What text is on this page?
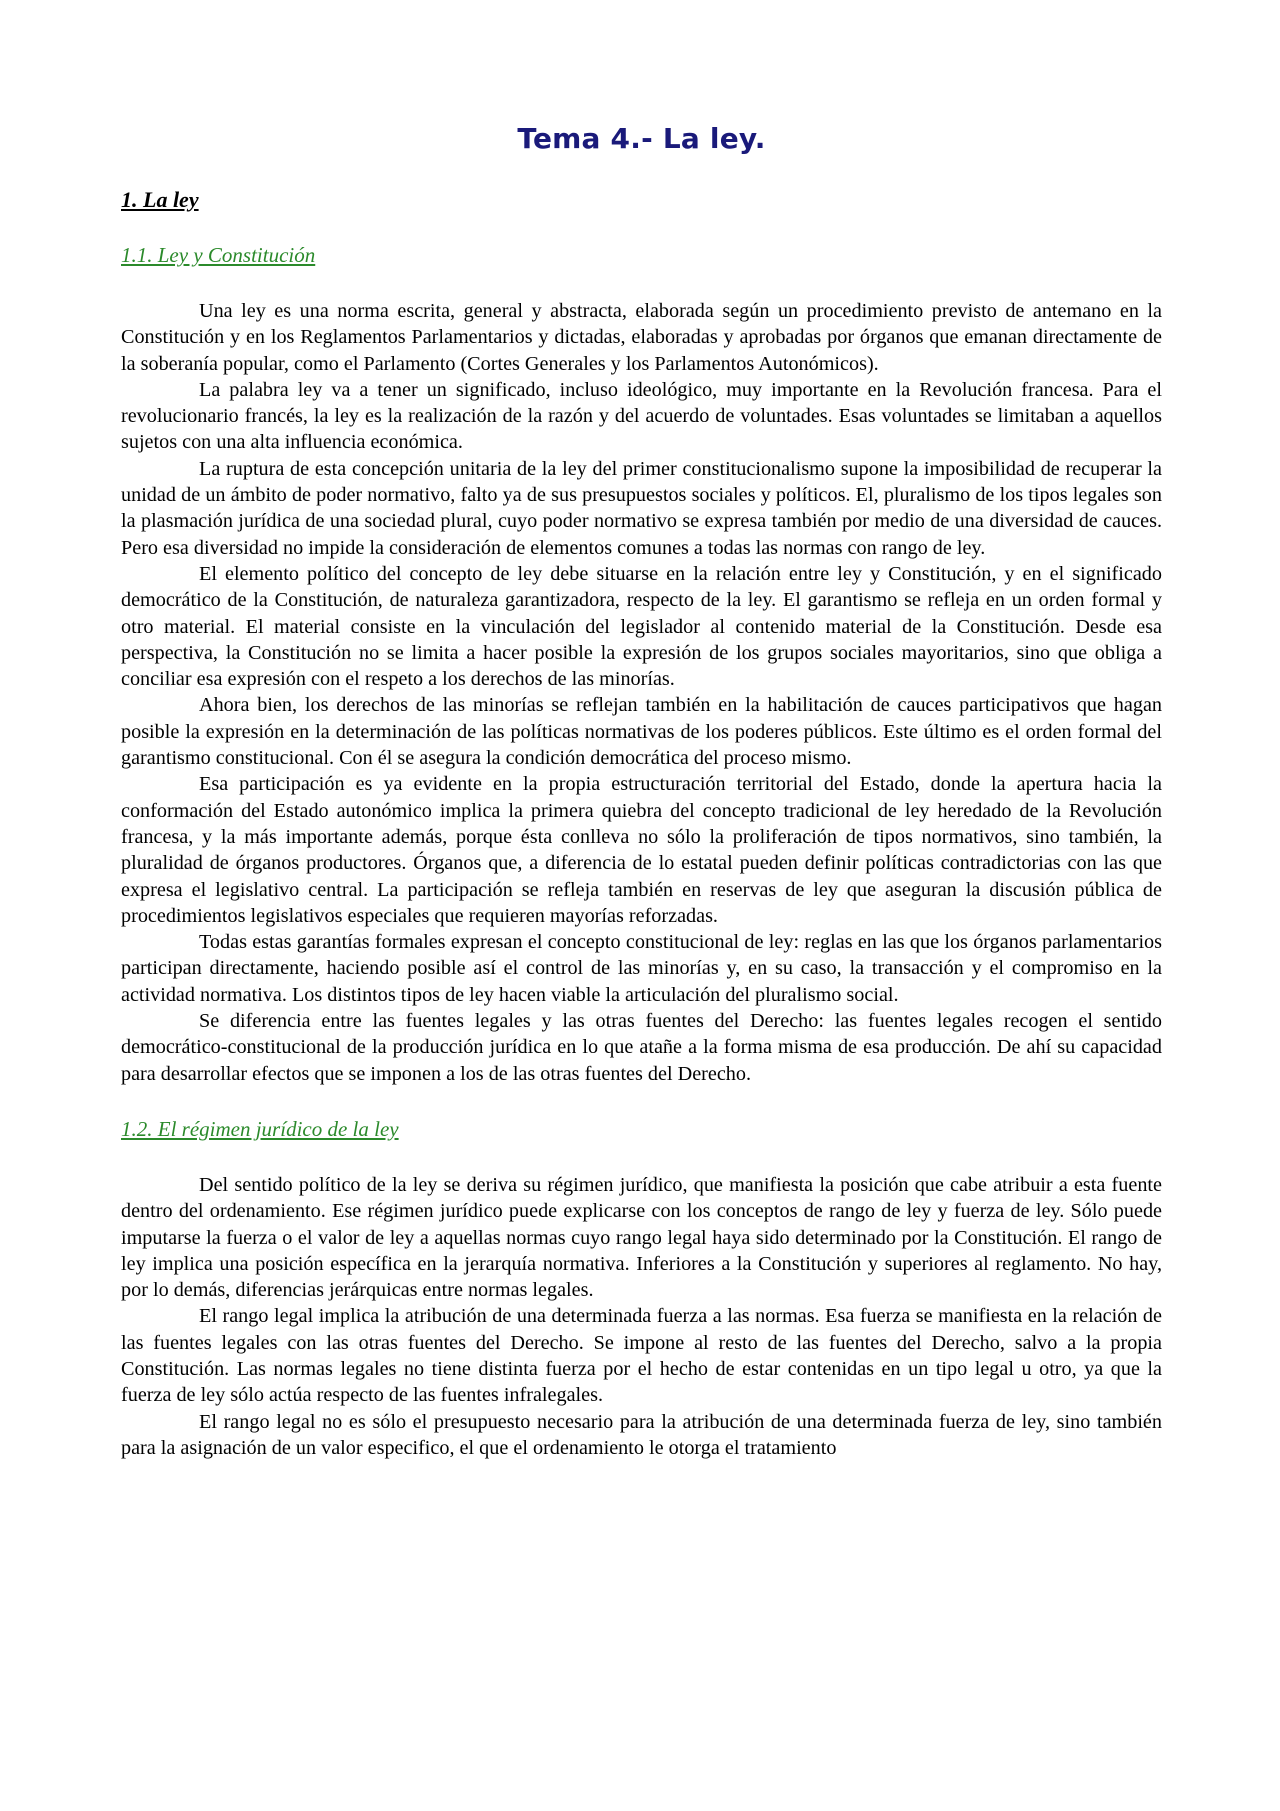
Tema 4.- La ley.
1. La ley
1.1. Ley y Constitución

Una ley es una norma escrita, general y abstracta, elaborada según un procedimiento previsto de antemano en la Constitución y en los Reglamentos Parlamentarios y dictadas, elaboradas y aprobadas por órganos que emanan directamente de la soberanía popular, como el Parlamento (Cortes Generales y los Parlamentos Autonómicos).

La palabra ley va a tener un significado, incluso ideológico, muy importante en la Revolución francesa. Para el revolucionario francés, la ley es la realización de la razón y del acuerdo de voluntades. Esas voluntades se limitaban a aquellos sujetos con una alta influencia económica.

La ruptura de esta concepción unitaria de la ley del primer constitucionalismo supone la imposibilidad de recuperar la unidad de un ámbito de poder normativo, falto ya de sus presupuestos sociales y políticos. El, pluralismo de los tipos legales son la plasmación jurídica de una sociedad plural, cuyo poder normativo se expresa también por medio de una diversidad de cauces. Pero esa diversidad no impide la consideración de elementos comunes a todas las normas con rango de ley.

El elemento político del concepto de ley debe situarse en la relación entre ley y Constitución, y en el significado democrático de la Constitución, de naturaleza garantizadora, respecto de la ley. El garantismo se refleja en un orden formal y otro material. El material consiste en la vinculación del legislador al contenido material de la Constitución. Desde esa perspectiva, la Constitución no se limita a hacer posible la expresión de los grupos sociales mayoritarios, sino que obliga a conciliar esa expresión con el respeto a los derechos de las minorías.

Ahora bien, los derechos de las minorías se reflejan también en la habilitación de cauces participativos que hagan posible la expresión en la determinación de las políticas normativas de los poderes públicos. Este último es el orden formal del garantismo constitucional. Con él se asegura la condición democrática del proceso mismo.

Esa participación es ya evidente en la propia estructuración territorial del Estado, donde la apertura hacia la conformación del Estado autonómico implica la primera quiebra del concepto tradicional de ley heredado de la Revolución francesa, y la más importante además, porque ésta conlleva no sólo la proliferación de tipos normativos, sino también, la pluralidad de órganos productores. Órganos que, a diferencia de lo estatal pueden definir políticas contradictorias con las que expresa el legislativo central. La participación se refleja también en reservas de ley que aseguran la discusión pública de procedimientos legislativos especiales que requieren mayorías reforzadas.

Todas estas garantías formales expresan el concepto constitucional de ley: reglas en las que los órganos parlamentarios participan directamente, haciendo posible así el control de las minorías y, en su caso, la transacción y el compromiso en la actividad normativa. Los distintos tipos de ley hacen viable la articulación del pluralismo social.

Se diferencia entre las fuentes legales y las otras fuentes del Derecho: las fuentes legales recogen el sentido democrático-constitucional de la producción jurídica en lo que atañe a la forma misma de esa producción. De ahí su capacidad para desarrollar efectos que se imponen a los de las otras fuentes del Derecho.

1.2. El régimen jurídico de la ley

Del sentido político de la ley se deriva su régimen jurídico, que manifiesta la posición que cabe atribuir a esta fuente dentro del ordenamiento. Ese régimen jurídico puede explicarse con los conceptos de rango de ley y fuerza de ley. Sólo puede imputarse la fuerza o el valor de ley a aquellas normas cuyo rango legal haya sido determinado por la Constitución. El rango de ley implica una posición específica en la jerarquía normativa. Inferiores a la Constitución y superiores al reglamento. No hay, por lo demás, diferencias jerárquicas entre normas legales.

El rango legal implica la atribución de una determinada fuerza a las normas. Esa fuerza se manifiesta en la relación de las fuentes legales con las otras fuentes del Derecho. Se impone al resto de las fuentes del Derecho, salvo a la propia Constitución. Las normas legales no tiene distinta fuerza por el hecho de estar contenidas en un tipo legal u otro, ya que la fuerza de ley sólo actúa respecto de las fuentes infralegales.

El rango legal no es sólo el presupuesto necesario para la atribución de una determinada fuerza de ley, sino también para la asignación de un valor especifico, el que el ordenamiento le otorga el tratamiento
